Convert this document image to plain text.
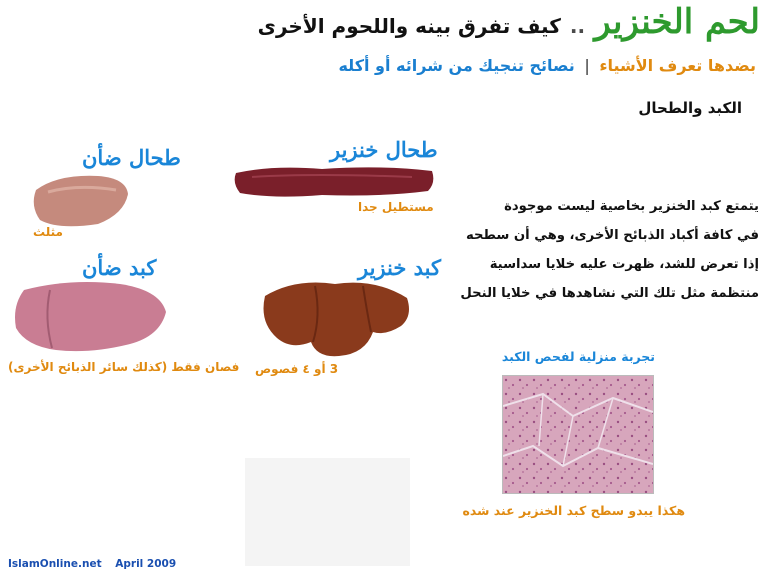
لحم الخنزير .. كيف تفرق بينه واللحوم الأخرى
بضدها تعرف الأشياء | نصائح تنجيك من شرائه أو أكله
الكبد والطحال
طحال خنزير
مستطيل جدا
طحال ضأن
مثلث
كبد خنزير
3 أو ٤ فصوص
كبد ضأن
فصان فقط (كذلك سائر الذبائح الأخرى)
يتمتع كبد الخنزير بخاصية ليست موجودة
في كافة أكباد الذبائح الأخرى، وهي أن سطحه
إذا تعرض للشد، ظهرت عليه خلايا سداسية
منتظمة مثل تلك التي نشاهدها في خلايا النحل
تجربة منزلية لفحص الكبد
هكذا يبدو سطح كبد الخنزير عند شده
IslamOnline.net April 2009
